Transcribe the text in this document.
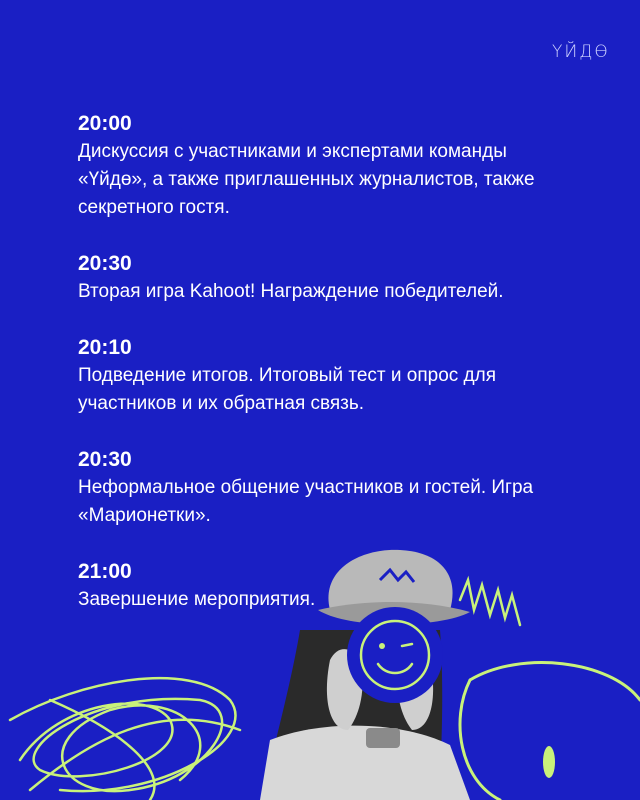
ҮЙДӨ
20:00
Дискуссия с участниками и экспертами команды «Үйдө», а также приглашенных журналистов, также секретного гостя.
20:30
Вторая игра Kahoot! Награждение победителей.
20:10
Подведение итогов. Итоговый тест и опрос для участников и их обратная связь.
20:30
Неформальное общение участников и гостей. Игра «Марионетки».
21:00
Завершение мероприятия.
